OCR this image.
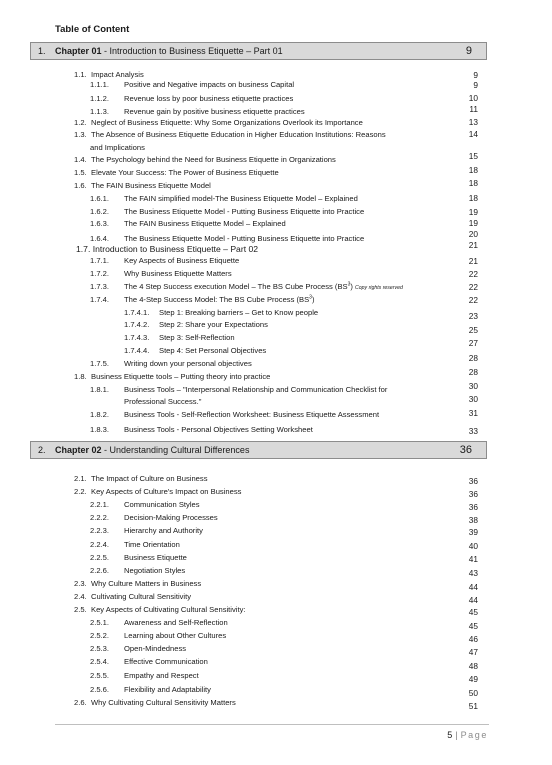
Table of Content
1. Chapter 01 - Introduction to Business Etiquette – Part 01	9
2. Chapter 02 - Understanding Cultural Differences	36
1.1. Impact Analysis
1.1.1. Positive and Negative impacts on business Capital
1.1.2. Revenue loss by poor business etiquette practices
1.1.3. Revenue gain by positive business etiquette practices
1.2. Neglect of Business Etiquette: Why Some Organizations Overlook its Importance
1.3. The Absence of Business Etiquette Education in Higher Education Institutions: Reasons
and Implications
1.4. The Psychology behind the Need for Business Etiquette in Organizations
1.5. Elevate Your Success: The Power of Business Etiquette
1.6. The FAIN Business Etiquette Model
1.6.1. The FAIN simplified model-The Business Etiquette Model – Explained
1.6.2. The Business Etiquette Model - Putting Business Etiquette into Practice
1.6.3. The FAIN Business Etiquette Model – Explained
1.6.4. The Business Etiquette Model - Putting Business Etiquette into Practice
1.7. Introduction to Business Etiquette – Part 02
1.7.1. Key Aspects of Business Etiquette
1.7.2. Why Business Etiquette Matters
1.7.3. The 4 Step Success execution Model – The BS Cube Process $(BS^3)$ Copy rights reserved
1.7.4. The 4-Step Success Model: The BS Cube Process $(BS^3)$
1.7.4.1. Step 1: Breaking barriers – Get to Know people
1.7.4.2. Step 2: Share your Expectations
1.7.4.3. Step 3: Self-Reflection
1.7.4.4. Step 4: Set Personal Objectives
1.7.5. Writing down your personal objectives
1.8. Business Etiquette tools – Putting theory into practice
1.8.1. Business Tools – "Interpersonal Relationship and Communication Checklist for
Professional Success."
1.8.2. Business Tools - Self-Reflection Worksheet: Business Etiquette Assessment
1.8.3. Business Tools - Personal Objectives Setting Worksheet
2.1. The Impact of Culture on Business
2.2. Key Aspects of Culture's Impact on Business
2.2.1. Communication Styles
2.2.2. Decision-Making Processes
2.2.3. Hierarchy and Authority
2.2.4. Time Orientation
2.2.5. Business Etiquette
2.2.6. Negotiation Styles
2.3. Why Culture Matters in Business
2.4. Cultivating Cultural Sensitivity
2.5. Key Aspects of Cultivating Cultural Sensitivity:
2.5.1. Awareness and Self-Reflection
2.5.2. Learning about Other Cultures
2.5.3. Open-Mindedness
2.5.4. Effective Communication
2.5.5. Empathy and Respect
2.5.6. Flexibility and Adaptability
2.6. Why Cultivating Cultural Sensitivity Matters
9
9
10
11
13
14
15
18
18
18
19
19
20
21
21
22
22
22
23
25
27
28
28
30
30
31
33
36
36
36
38
39
40
41
43
44
44
45
45
46
47
48
49
50
51
5 | Page
